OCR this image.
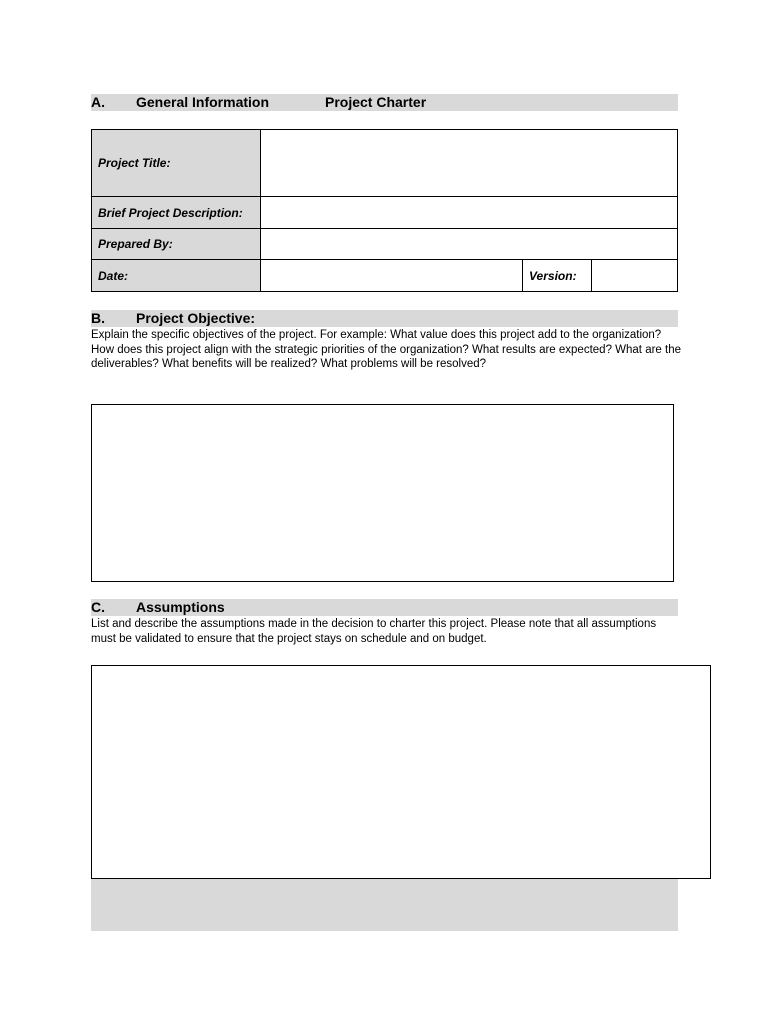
A. General Information	Project Charter
Project Title:			
Brief Project Description:			
Prepared By:			
Date:		Version:	
B. Project Objective:
Explain the specific objectives of the project. For example: What value does this project add to the organization? How does this project align with the strategic priorities of the organization? What results are expected? What are the deliverables? What benefits will be realized? What problems will be resolved?
C. Assumptions
List and describe the assumptions made in the decision to charter this project. Please note that all assumptions must be validated to ensure that the project stays on schedule and on budget.
